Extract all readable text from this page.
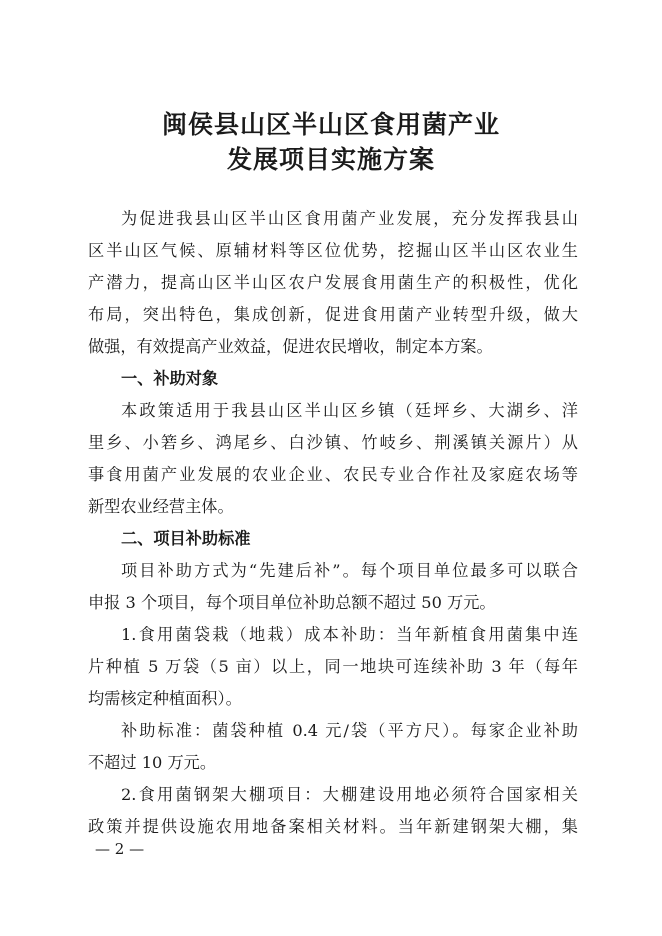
闽侯县山区半山区食用菌产业
发展项目实施方案
为促进我县山区半山区食用菌产业发展，充分发挥我县山
区半山区气候、原辅材料等区位优势，挖掘山区半山区农业生
产潜力，提高山区半山区农户发展食用菌生产的积极性，优化
布局，突出特色，集成创新，促进食用菌产业转型升级，做大
做强，有效提高产业效益，促进农民增收，制定本方案。
一、补助对象
本政策适用于我县山区半山区乡镇（廷坪乡、大湖乡、洋
里乡、小箬乡、鸿尾乡、白沙镇、竹岐乡、荆溪镇关源片）从
事食用菌产业发展的农业企业、农民专业合作社及家庭农场等
新型农业经营主体。
二、项目补助标准
项目补助方式为“先建后补”。每个项目单位最多可以联合
申报 3 个项目，每个项目单位补助总额不超过 50 万元。
1.食用菌袋栽（地栽）成本补助：当年新植食用菌集中连
片种植 5 万袋（5 亩）以上，同一地块可连续补助 3 年（每年
均需核定种植面积）。
补助标准：菌袋种植 0.4 元/袋（平方尺）。每家企业补助
不超过 10 万元。
2.食用菌钢架大棚项目：大棚建设用地必须符合国家相关
政策并提供设施农用地备案相关材料。当年新建钢架大棚，集
— 2 —
